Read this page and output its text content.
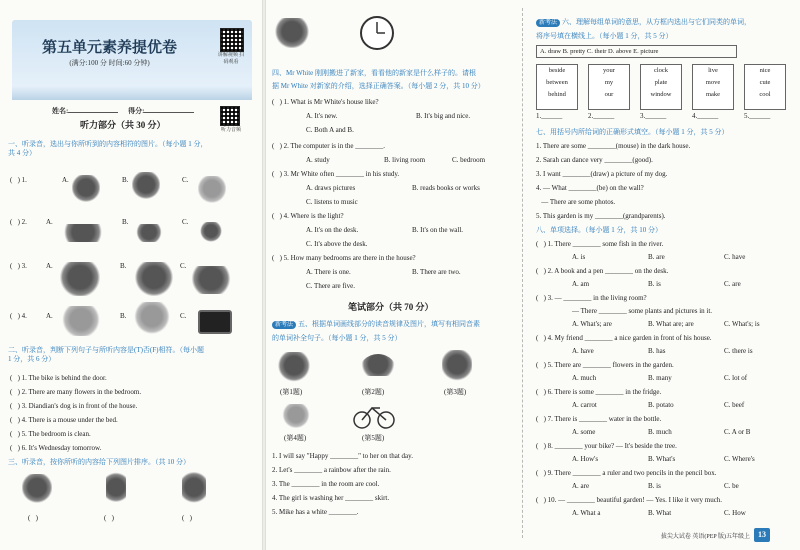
第五单元素养提优卷
(满分:100 分 时间:60 分钟)
讲解视频 扫码观看
姓名:	得分:
听力部分（共 30 分）
听力音频
一、听录音，选出与你所听到的内容相符的图片。（每小题 1 分，
共 4 分）
(   ) 1.	A.	B.	C.
(   ) 2.	A.	B.	C.
(   ) 3.	A.	B.	C.
(   ) 4.	A.	B.	C.
二、听录音，判断下列句子与所听内容是(T)否(F)相符。（每小题
1 分，共 6 分）
(   ) 1. The bike is behind the door.
(   ) 2. There are many flowers in the bedroom.
(   ) 3. Diandian's dog is in front of the house.
(   ) 4. There is a mouse under the bed.
(   ) 5. The bedroom is clean.
(   ) 6. It's Wednesday tomorrow.
三、听录音，按你所听的内容给下列图片排序。（共 10 分）
(   )	(   )	(   )
四、Mr White 刚刚搬进了新家，看看他的新家是什么样子的。请根
据 Mr White 对新家的介绍，选择正确答案。（每小题 2 分，共 10 分）
(   ) 1. What is Mr White's house like?
A. It's new.	B. It's big and nice.
C. Both A and B.
(   ) 2. The computer is in the ________.
A. study	B. living room	C. bedroom
(   ) 3. Mr White often ________ in his study.
A. draws pictures	B. reads books or works
C. listens to music
(   ) 4. Where is the light?
A. It's on the desk.	B. It's on the wall.
C. It's above the desk.
(   ) 5. How many bedrooms are there in the house?
A. There is one.	B. There are two.
C. There are five.
笔试部分（共 70 分）
新考法 五、根据单词画线部分的读音规律及图片，填写有相同音素
的单词补全句子。（每小题 1 分，共 5 分）
(第1题)	(第2题)	(第3题)
(第4题)	(第5题)
1. I will say "Happy ________" to her on that day.
2. Let's ________ a rainbow after the rain.
3. The ________ in the room are cool.
4. The girl is washing her ________ skirt.
5. Mike has a white ________.
新考法 六、理解每组单词的意思，从方框内选出与它们同类的单词，
将序号填在横线上。（每小题 1 分，共 5 分）
A. draw B. pretty C. their D. above E. picture
beside
between
behind
your
my
our
clock
plate
window
live
move
make
nice
cute
cool
1.______	2.______	3.______	4.______	5.______
七、用括号内所给词的正确形式填空。（每小题 1 分，共 5 分）
1. There are some ________(mouse) in the dark house.
2. Sarah can dance very ________(good).
3. I want ________(draw) a picture of my dog.
4. — What ________(be) on the wall?
— There are some photos.
5. This garden is my ________(grandparents).
八、单项选择。（每小题 1 分，共 10 分）
(   ) 1. There ________ some fish in the river.
A. is	B. are	C. have
(   ) 2. A book and a pen ________ on the desk.
A. am	B. is	C. are
(   ) 3. — ________ in the living room?
— There ________ some plants and pictures in it.
A. What's; are	B. What are; are	C. What's; is
(   ) 4. My friend ________ a nice garden in front of his house.
A. have	B. has	C. there is
(   ) 5. There are ________ flowers in the garden.
A. much	B. many	C. lot of
(   ) 6. There is some ________ in the fridge.
A. carrot	B. potato	C. beef
(   ) 7. There is ________ water in the bottle.
A. some	B. much	C. A or B
(   ) 8. ________ your bike? — It's beside the tree.
A. How's	B. What's	C. Where's
(   ) 9. There ________ a ruler and two pencils in the pencil box.
A. are	B. is	C. be
(   ) 10. — ________ beautiful garden! — Yes. I like it very much.
A. What a	B. What	C. How
拔尖大试卷 英语(PEP 版)五年级上	13
